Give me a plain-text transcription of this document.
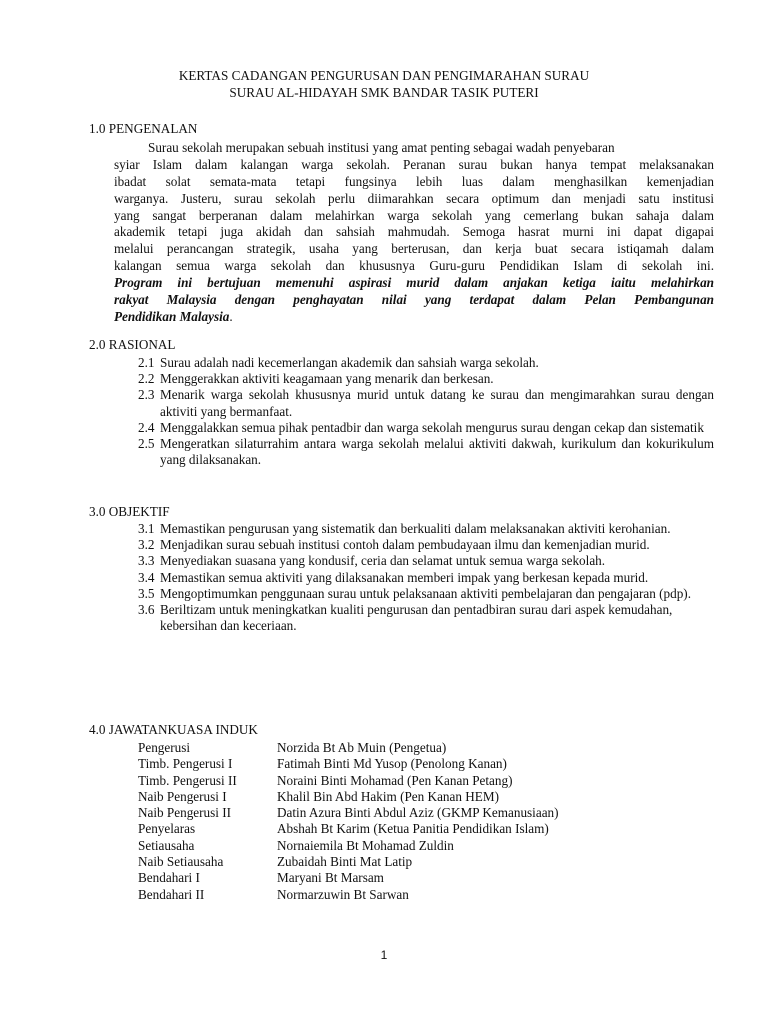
KERTAS CADANGAN PENGURUSAN DAN PENGIMARAHAN SURAU
SURAU AL-HIDAYAH SMK BANDAR TASIK PUTERI
1.0 PENGENALAN
Surau sekolah merupakan sebuah institusi yang amat penting sebagai wadah penyebaran
syiar Islam dalam kalangan warga sekolah. Peranan surau bukan hanya tempat melaksanakan
ibadat solat semata-mata tetapi fungsinya lebih luas dalam menghasilkan kemenjadian
warganya. Justeru, surau sekolah perlu diimarahkan secara optimum dan menjadi satu institusi
yang sangat berperanan dalam melahirkan warga sekolah yang cemerlang bukan sahaja dalam
akademik tetapi juga akidah dan sahsiah mahmudah. Semoga hasrat murni ini dapat digapai
melalui perancangan strategik, usaha yang berterusan, dan kerja buat secara istiqamah dalam
kalangan semua warga sekolah dan khususnya Guru-guru Pendidikan Islam di sekolah ini.
Program ini bertujuan memenuhi aspirasi murid dalam anjakan ketiga iaitu melahirkan
rakyat Malaysia dengan penghayatan nilai yang terdapat dalam Pelan Pembangunan
Pendidikan Malaysia.
2.0 RASIONAL
2.1 Surau adalah nadi kecemerlangan akademik dan sahsiah warga sekolah.
2.2 Menggerakkan aktiviti keagamaan yang menarik dan berkesan.
2.3 Menarik warga sekolah khususnya murid untuk datang ke surau dan mengimarahkan surau dengan aktiviti yang bermanfaat.
2.4 Menggalakkan semua pihak pentadbir dan warga sekolah mengurus surau dengan cekap dan sistematik
2.5 Mengeratkan silaturrahim antara warga sekolah melalui aktiviti dakwah, kurikulum dan kokurikulum yang dilaksanakan.
3.0 OBJEKTIF
3.1 Memastikan pengurusan yang sistematik dan berkualiti dalam melaksanakan aktiviti kerohanian.
3.2 Menjadikan surau sebuah institusi contoh dalam pembudayaan ilmu dan kemenjadian murid.
3.3 Menyediakan suasana yang kondusif, ceria dan selamat untuk semua warga sekolah.
3.4 Memastikan semua aktiviti yang dilaksanakan memberi impak yang berkesan kepada murid.
3.5 Mengoptimumkan penggunaan surau untuk pelaksanaan aktiviti pembelajaran dan pengajaran (pdp).
3.6 Beriltizam untuk meningkatkan kualiti pengurusan dan pentadbiran surau dari aspek kemudahan, kebersihan dan keceriaan.
4.0 JAWATANKUASA INDUK
Pengerusi	Norzida Bt Ab Muin (Pengetua)
Timb. Pengerusi I	Fatimah Binti Md Yusop (Penolong Kanan)
Timb. Pengerusi II	Noraini Binti Mohamad (Pen Kanan Petang)
Naib Pengerusi I	Khalil Bin Abd Hakim (Pen Kanan HEM)
Naib Pengerusi II	Datin Azura Binti Abdul Aziz (GKMP Kemanusiaan)
Penyelaras	Abshah Bt Karim (Ketua Panitia Pendidikan Islam)
Setiausaha	Nornaiemila Bt Mohamad Zuldin
Naib Setiausaha	Zubaidah Binti Mat Latip
Bendahari I	Maryani Bt Marsam
Bendahari II	Normarzuwin Bt Sarwan
1
